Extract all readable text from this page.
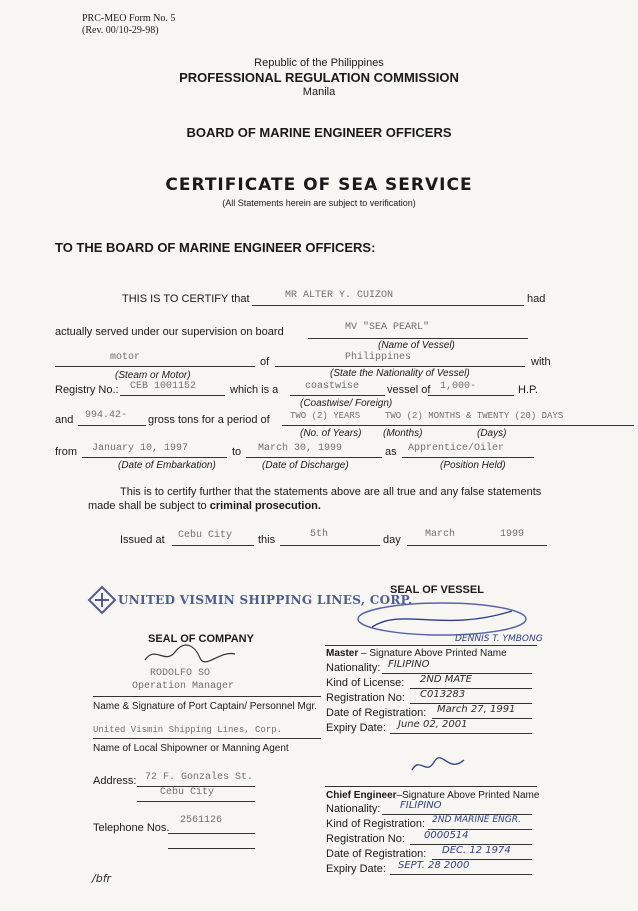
PRC-MEO Form No. 5
(Rev. 00/10-29-98)
Republic of the Philippines
PROFESSIONAL REGULATION COMMISSION
Manila
BOARD OF MARINE ENGINEER OFFICERS
CERTIFICATE OF SEA SERVICE
(All Statements herein are subject to verification)
TO THE BOARD OF MARINE ENGINEER OFFICERS:
THIS IS TO CERTIFY that	MR ALTER Y. CUIZON	had
actually served under our supervision on board	MV "SEA PEARL"
(Name of Vessel)
motor	of	Philippines	with
(Steam or Motor)	(State the Nationality of Vessel)
Registry No.: CEB 1001152	which is a	coastwise	vessel of 1,000-	H.P.
(Coastwise/ Foreign)
and 994.42- gross tons for a period of TWO (2) YEARS	TWO (2) MONTHS & TWENTY (20) DAYS
(No. of Years) (Months)	(Days)
from January 10, 1997	to March 30, 1999	as Apprentice/Oiler
(Date of Embarkation)	(Date of Discharge)	(Position Held)
This is to certify further that the statements above are all true and any false statements
made shall be subject to criminal prosecution.
Issued at Cebu City this	5th	day March	1999
UNITED VISMIN SHIPPING LINES, CORP.
SEAL OF COMPANY
RODOLFO SO
Operation Manager
Name & Signature of Port Captain/ Personnel Mgr.
United Vismin Shipping Lines, Corp.
Name of Local Shipowner or Manning Agent
Address: 72 F. Gonzales St.
Cebu City
Telephone Nos.
2561126
/bfr
SEAL OF VESSEL
DENNIS T. YMBONG
Master – Signature Above Printed Name
Nationality: FILIPINO
Kind of License: 2ND MATE
Registration No: C013283
Date of Registration: March 27, 1991
Expiry Date: June 02, 2001
Chief Engineer–Signature Above Printed Name
Nationality: FILIPINO
Kind of Registration: 2ND MARINE ENGR.
Registration No: 0000514
Date of Registration: DEC. 12 1974
Expiry Date: SEPT. 28 2000
